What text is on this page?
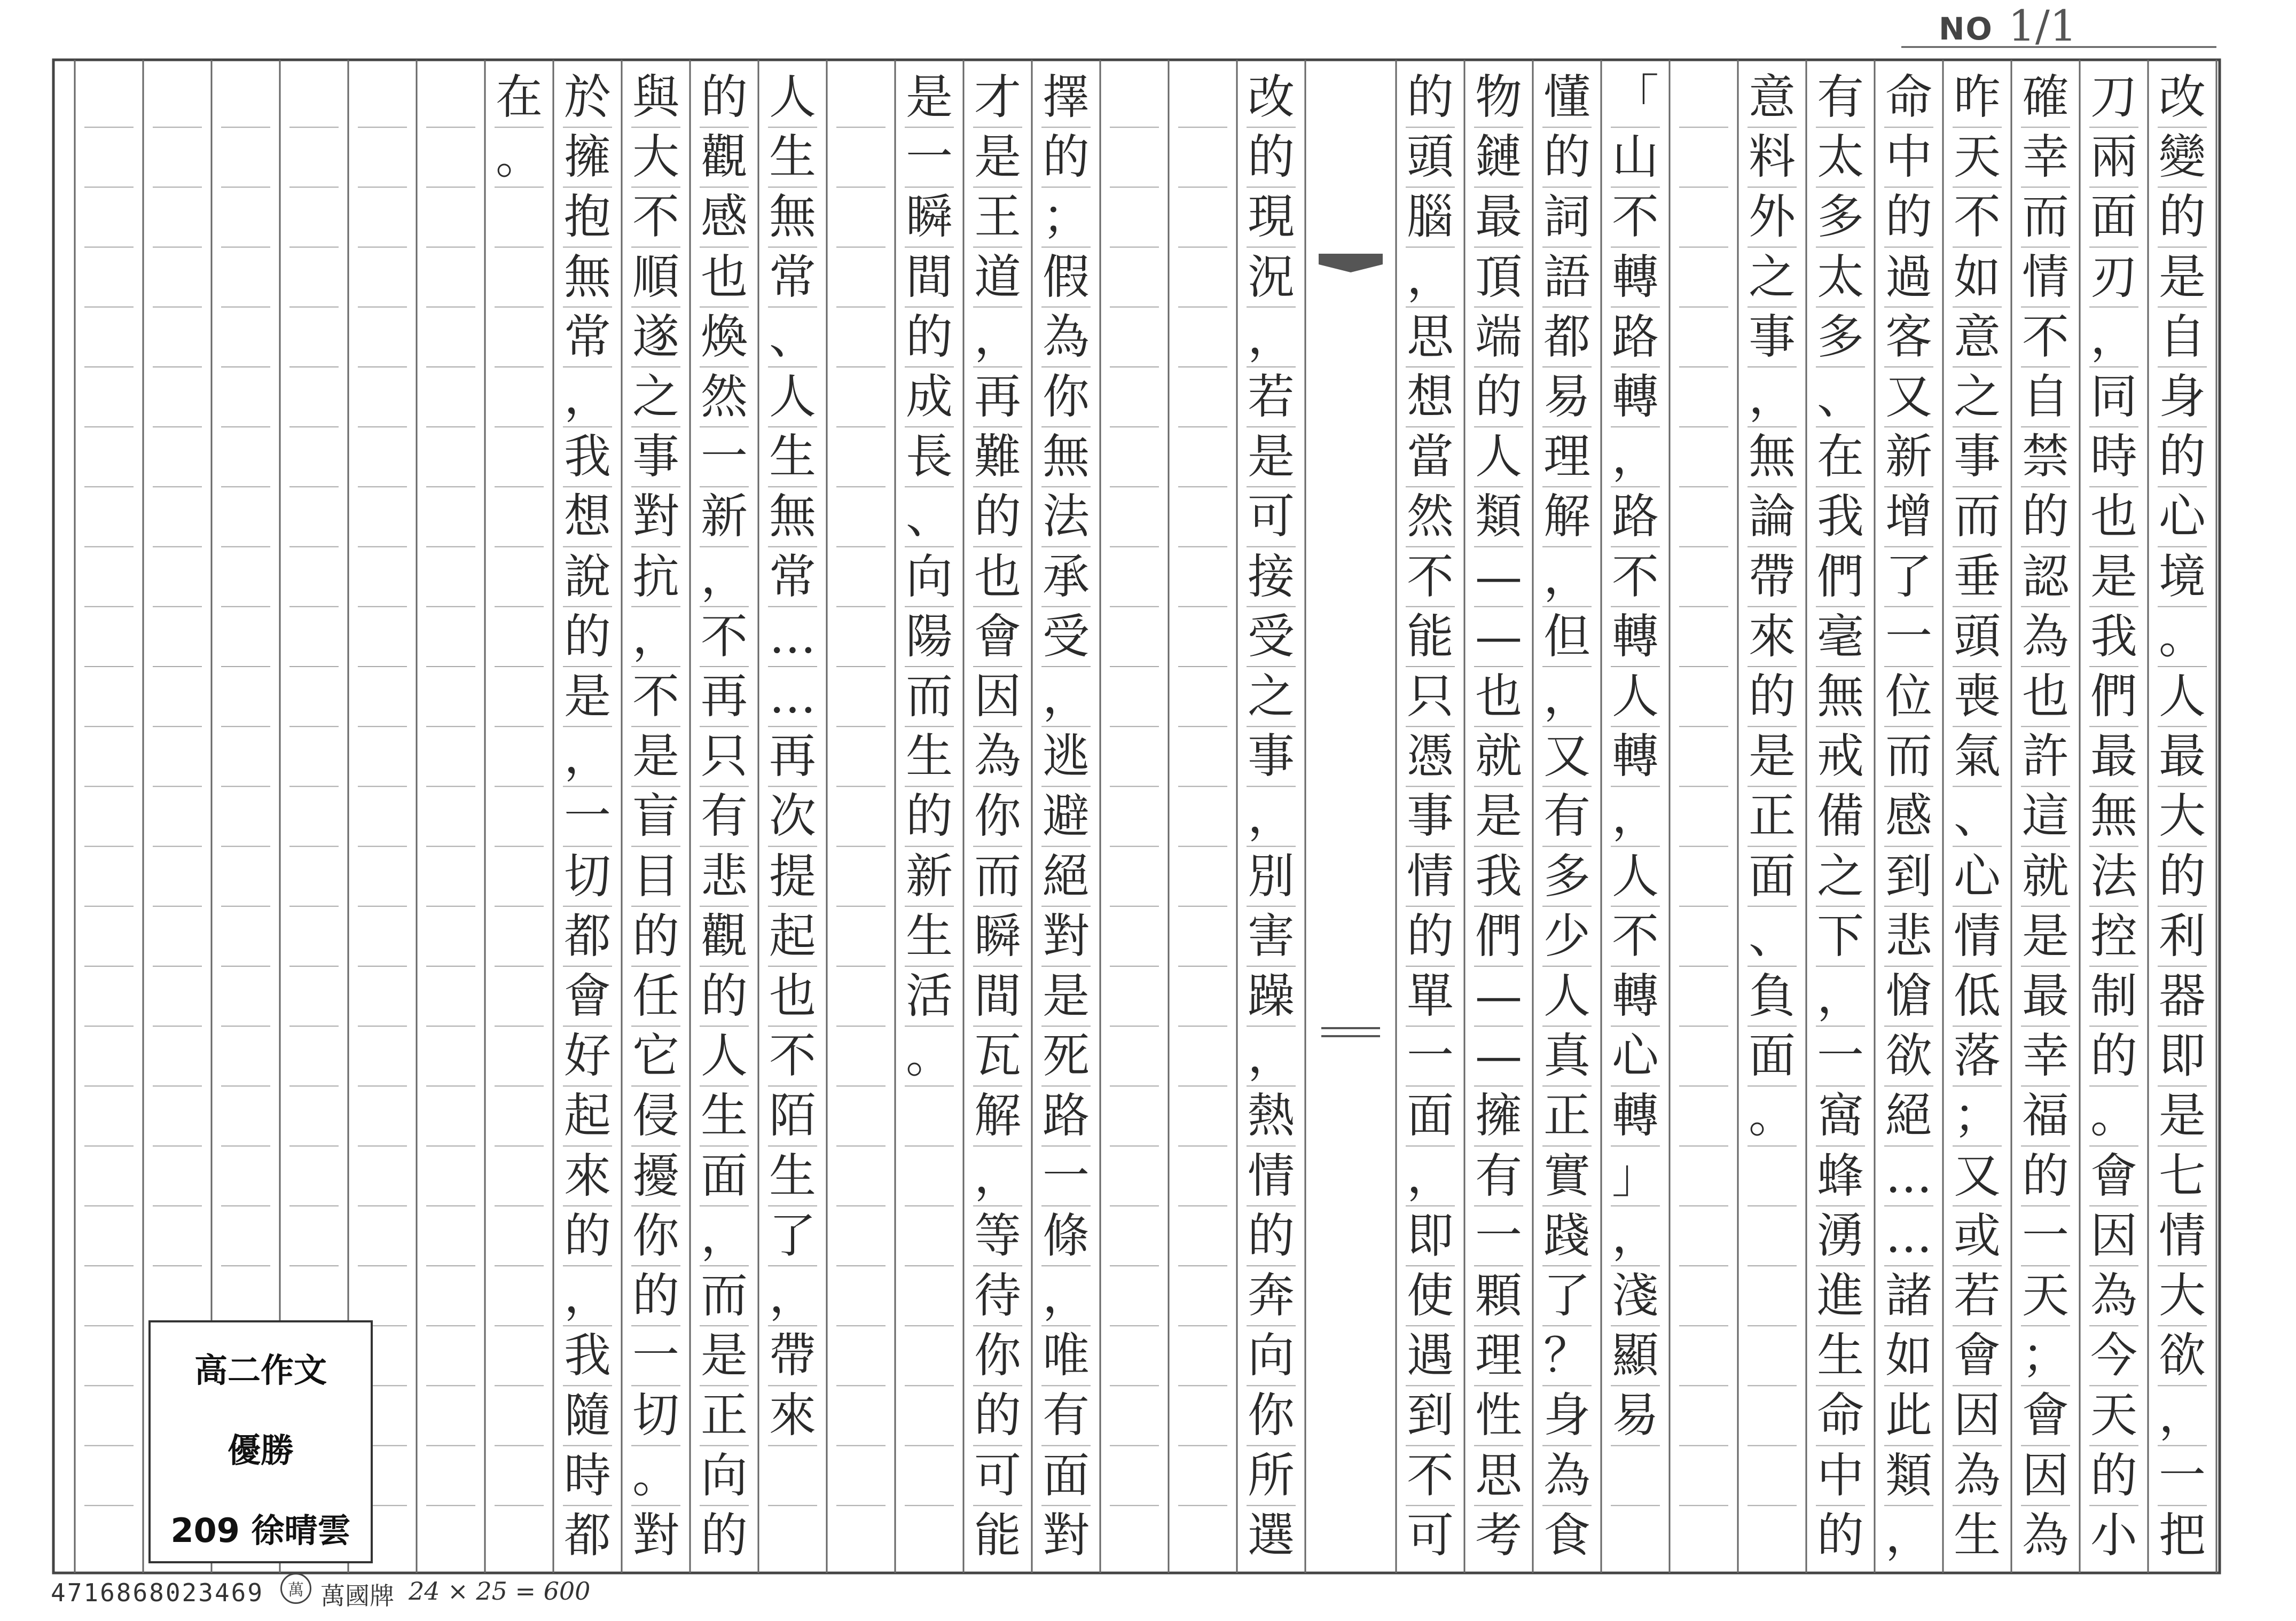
NO 1/1
改
變
的
是
自
身
的
心
境
。
人
最
大
的
利
器
即
是
七
情
大
欲
，
一
把
刀
兩
面
刃
，
同
時
也
是
我
們
最
無
法
控
制
的
。
會
因
為
今
天
的
小
確
幸
而
情
不
自
禁
的
認
為
也
許
這
就
是
最
幸
福
的
一
天
；
會
因
為
昨
天
不
如
意
之
事
而
垂
頭
喪
氣
、
心
情
低
落
；
又
或
若
會
因
為
生
命
中
的
過
客
又
新
增
了
一
位
而
感
到
悲
愴
欲
絕
…
…
諸
如
此
類
，
有
太
多
太
多
、
在
我
們
毫
無
戒
備
之
下
，
一
窩
蜂
湧
進
生
命
中
的
意
料
外
之
事
，
無
論
帶
來
的
是
正
面
、
負
面
。
「
山
不
轉
路
轉
，
路
不
轉
人
轉
，
人
不
轉
心
轉
」
，
淺
顯
易
懂
的
詞
語
都
易
理
解
，
但
，
又
有
多
少
人
真
正
實
踐
了
？
身
為
食
物
鏈
最
頂
端
的
人
類
—
—
也
就
是
我
們
—
—
擁
有
一
顆
理
性
思
考
的
頭
腦
，
思
想
當
然
不
能
只
憑
事
情
的
單
一
面
，
即
使
遇
到
不
可
改
的
現
況
，
若
是
可
接
受
之
事
，
別
害
躁
，
熱
情
的
奔
向
你
所
選
擇
的
；
假
為
你
無
法
承
受
，
逃
避
絕
對
是
死
路
一
條
，
唯
有
面
對
才
是
王
道
，
再
難
的
也
會
因
為
你
而
瞬
間
瓦
解
，
等
待
你
的
可
能
是
一
瞬
間
的
成
長
、
向
陽
而
生
的
新
生
活
。
人
生
無
常
、
人
生
無
常
…
…
再
次
提
起
也
不
陌
生
了
，
帶
來
的
觀
感
也
煥
然
一
新
，
不
再
只
有
悲
觀
的
人
生
面
，
而
是
正
向
的
與
大
不
順
遂
之
事
對
抗
，
不
是
盲
目
的
任
它
侵
擾
你
的
一
切
。
對
於
擁
抱
無
常
，
我
想
說
的
是
，
一
切
都
會
好
起
來
的
，
我
隨
時
都
在
。
高二作文
優勝
209 徐晴雲
4716868023469	萬 萬國牌 24 × 25 = 600
